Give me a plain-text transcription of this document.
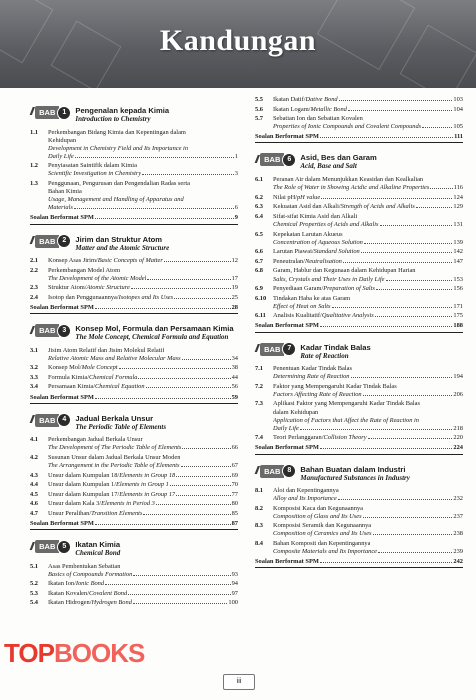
Kandungan
// BAB	1	Pengenalan kepada Kimia
Introduction to Chemistry
1.1	Perkembangan Bidang Kimia dan Kepentingan dalam
Kehidupan
Development in Chemistry Field and Its Importance in
Daily Life	1
1.2	Penyiasatan Saintifik dalam Kimia
Scientific Investigation in Chemistry	3
1.3	Penggunaan, Pengurusan dan Pengendalian Radas serta
Bahan Kimia
Usage, Management and Handling of Apparatus and
Materials	6
Soalan Berformat SPM	9
// BAB	2	Jirim dan Struktur Atom
Matter and the Atomic Structure
2.1	Konsep Asas Jirim/Basic Concepts of Matter	12
2.2	Perkembangan Model Atom
The Development of the Atomic Model	17
2.3	Struktur Atom/Atomic Structure	19
2.4	Isotop dan Penggunaannya/Isotopes and Its Uses	25
Soalan Berformat SPM	28
// BAB	3	Konsep Mol, Formula dan Persamaan Kimia
The Mole Concept, Chemical Formula and Equation
3.1	Jisim Atom Relatif dan Jisim Molekul Relatif
Relative Atomic Mass and Relative Molecular Mass	34
3.2	Konsep Mol/Mole Concept	38
3.3	Formula Kimia/Chemical Formula	44
3.4	Persamaan Kimia/Chemical Equation	56
Soalan Berformat SPM	59
// BAB	4	Jadual Berkala Unsur
The Periodic Table of Elements
4.1	Perkembangan Jadual Berkala Unsur
The Development of The Periodic Table of Elements	66
4.2	Susunan Unsur dalam Jadual Berkala Unsur Moden
The Arrangement in the Periodic Table of Elements	67
4.3	Unsur dalam Kumpulan 18/Elements in Group 18	69
4.4	Unsur dalam Kumpulan 1/Elements in Group 1	70
4.5	Unsur dalam Kumpulan 17/Elements in Group 17	77
4.6	Unsur dalam Kala 3/Elements in Period 3	80
4.7	Unsur Peralihan/Transition Elements	85
Soalan Berformat SPM	87
// BAB	5	Ikatan Kimia
Chemical Bond
5.1	Asas Pembentukan Sebatian
Basics of Compounds Formation	93
5.2	Ikatan Ion/Ionic Bond	94
5.3	Ikatan Kovalen/Covalent Bond	97
5.4	Ikatan Hidrogen/Hydrogen Bond	100
5.5	Ikatan Datif/Dative Bond	103
5.6	Ikatan Logam/Metallic Bond	104
5.7	Sebatian Ion dan Sebatian Kovalen
Properties of Ionic Compounds and Covalent Compounds	105
Soalan Berformat SPM	111
// BAB	6	Asid, Bes dan Garam
Acid, Base and Salt
6.1	Peranan Air dalam Menunjukkan Keasidan dan Kealkalian
The Role of Water in Showing Acidic and Alkaline Properties	116
6.2	Nilai pH/pH value	124
6.3	Kekuatan Asid dan Alkali/Strength of Acids and Alkalis	129
6.4	Sifat-sifat Kimia Asid dan Alkali
Chemical Properties of Acids and Alkalis	131
6.5	Kepekatan Larutan Akueus
Concentration of Aqueous Solution	139
6.6	Larutan Piawai/Standard Solution	142
6.7	Peneutralan/Neutralisation	147
6.8	Garam, Hablur dan Kegunaan dalam Kehidupan Harian
Salts, Crystals and Their Uses in Daily Life	153
6.9	Penyediaan Garam/Preparation of Salts	156
6.10	Tindakan Haba ke atas Garam
Effect of Heat on Salts	171
6.11	Analisis Kualitatif/Qualitative Analysis	175
Soalan Berformat SPM	188
// BAB	7	Kadar Tindak Balas
Rate of Reaction
7.1	Penentuan Kadar Tindak Balas
Determining Rate of Reaction	194
7.2	Faktor yang Mempengaruhi Kadar Tindak Balas
Factors Affecting Rate of Reaction	206
7.3	Aplikasi Faktor yang Mempengaruhi Kadar Tindak Balas
dalam Kehidupan
Application of Factors that Affect the Rate of Reaction in
Daily Life	218
7.4	Teori Perlanggaran/Collision Theory	220
Soalan Berformat SPM	224
// BAB	8	Bahan Buatan dalam Industri
Manufactured Substances in Industry
8.1	Aloi dan Kepentingannya
Alloy and Its Importance	232
8.2	Komposisi Kaca dan Kegunaannya
Composition of Glass and Its Uses	237
8.3	Komposisi Seramik dan Kegunaannya
Composition of Ceramics and Its Uses	238
8.4	Bahan Komposit dan Kepentingannya
Composite Materials and Its Importance	239
Soalan Berformat SPM	242
TOPBOOKS
iii
